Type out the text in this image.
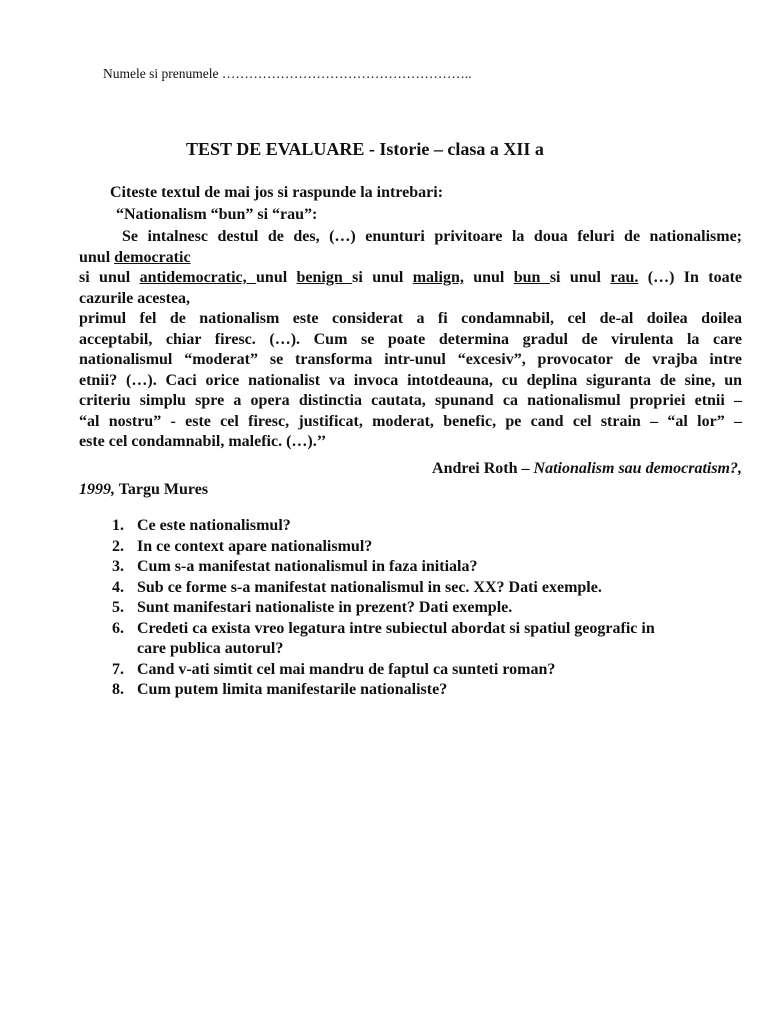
Numele si prenumele ………………………………………………..
TEST DE EVALUARE - Istorie – clasa a XII a
Citeste textul de mai jos si raspunde la intrebari:
“Nationalism “bun” si “rau”:
Se intalnesc destul de des, (…) enunturi privitoare la doua feluri de nationalisme;
unul democratic
si unul antidemocratic, unul benign si unul malign, unul bun si unul rau. (…) In toate
cazurile acestea,
primul fel de nationalism este considerat a fi condamnabil, cel de-al doilea doilea
acceptabil, chiar firesc. (…). Cum se poate determina gradul de virulenta la care
nationalismul “moderat” se transforma intr-unul “excesiv”, provocator de vrajba intre
etnii? (…). Caci orice nationalist va invoca intotdeauna, cu deplina siguranta de sine, un
criteriu simplu spre a opera distinctia cautata, spunand ca nationalismul propriei etnii –
“al nostru” - este cel firesc, justificat, moderat, benefic, pe cand cel strain – “al lor” –
este cel condamnabil, malefic. (…).’’
Andrei Roth – Nationalism sau democratism?,
1999, Targu Mures
1. Ce este nationalismul?
2. In ce context apare nationalismul?
3. Cum s-a manifestat nationalismul in faza initiala?
4. Sub ce forme s-a manifestat nationalismul in sec. XX? Dati exemple.
5. Sunt manifestari nationaliste in prezent? Dati exemple.
6. Credeti ca exista vreo legatura intre subiectul abordat si spatiul geografic in care publica autorul?
7. Cand v-ati simtit cel mai mandru de faptul ca sunteti roman?
8. Cum putem limita manifestarile nationaliste?
